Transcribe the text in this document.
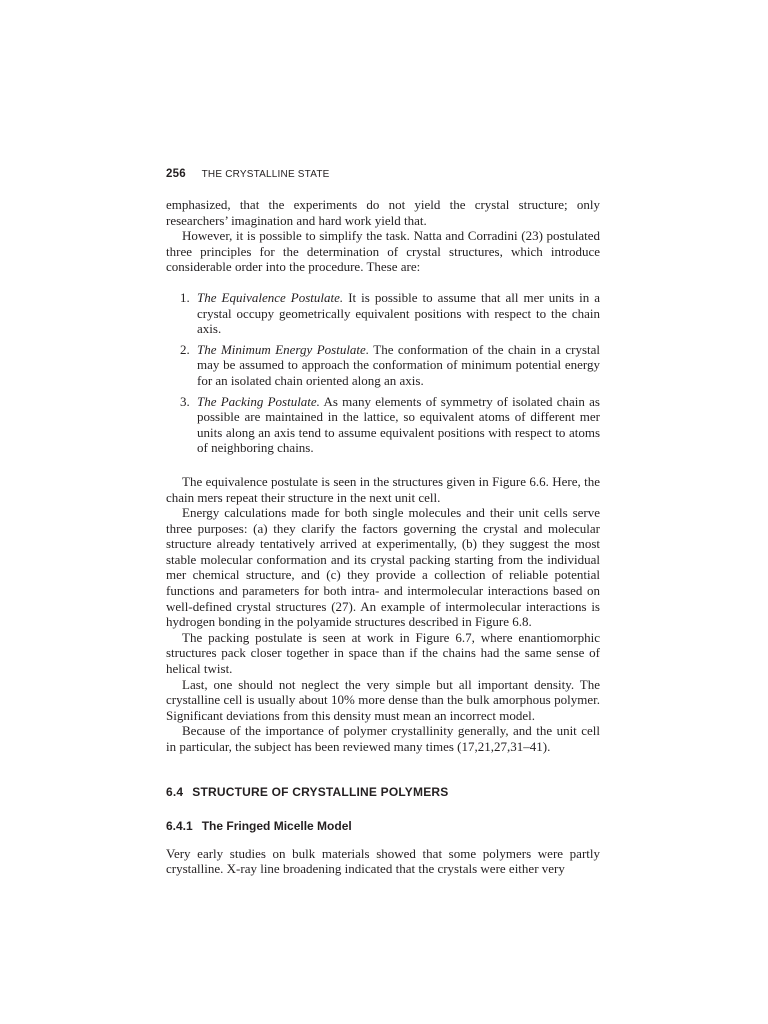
256 THE CRYSTALLINE STATE

emphasized, that the experiments do not yield the crystal structure; only researchers’ imagination and hard work yield that.

However, it is possible to simplify the task. Natta and Corradini (23) postulated three principles for the determination of crystal structures, which introduce considerable order into the procedure. These are:

1. The Equivalence Postulate. It is possible to assume that all mer units in a crystal occupy geometrically equivalent positions with respect to the chain axis.
2. The Minimum Energy Postulate. The conformation of the chain in a crystal may be assumed to approach the conformation of minimum potential energy for an isolated chain oriented along an axis.
3. The Packing Postulate. As many elements of symmetry of isolated chain as possible are maintained in the lattice, so equivalent atoms of different mer units along an axis tend to assume equivalent positions with respect to atoms of neighboring chains.

The equivalence postulate is seen in the structures given in Figure 6.6. Here, the chain mers repeat their structure in the next unit cell.

Energy calculations made for both single molecules and their unit cells serve three purposes: (a) they clarify the factors governing the crystal and molecular structure already tentatively arrived at experimentally, (b) they suggest the most stable molecular conformation and its crystal packing starting from the individual mer chemical structure, and (c) they provide a collection of reliable potential functions and parameters for both intra- and intermolecular interactions based on well-defined crystal structures (27). An example of intermolecular interactions is hydrogen bonding in the polyamide structures described in Figure 6.8.

The packing postulate is seen at work in Figure 6.7, where enantiomorphic structures pack closer together in space than if the chains had the same sense of helical twist.

Last, one should not neglect the very simple but all important density. The crystalline cell is usually about 10% more dense than the bulk amorphous polymer. Significant deviations from this density must mean an incorrect model.

Because of the importance of polymer crystallinity generally, and the unit cell in particular, the subject has been reviewed many times (17,21,27,31–41).

6.4 STRUCTURE OF CRYSTALLINE POLYMERS
6.4.1 The Fringed Micelle Model

Very early studies on bulk materials showed that some polymers were partly crystalline. X-ray line broadening indicated that the crystals were either very
